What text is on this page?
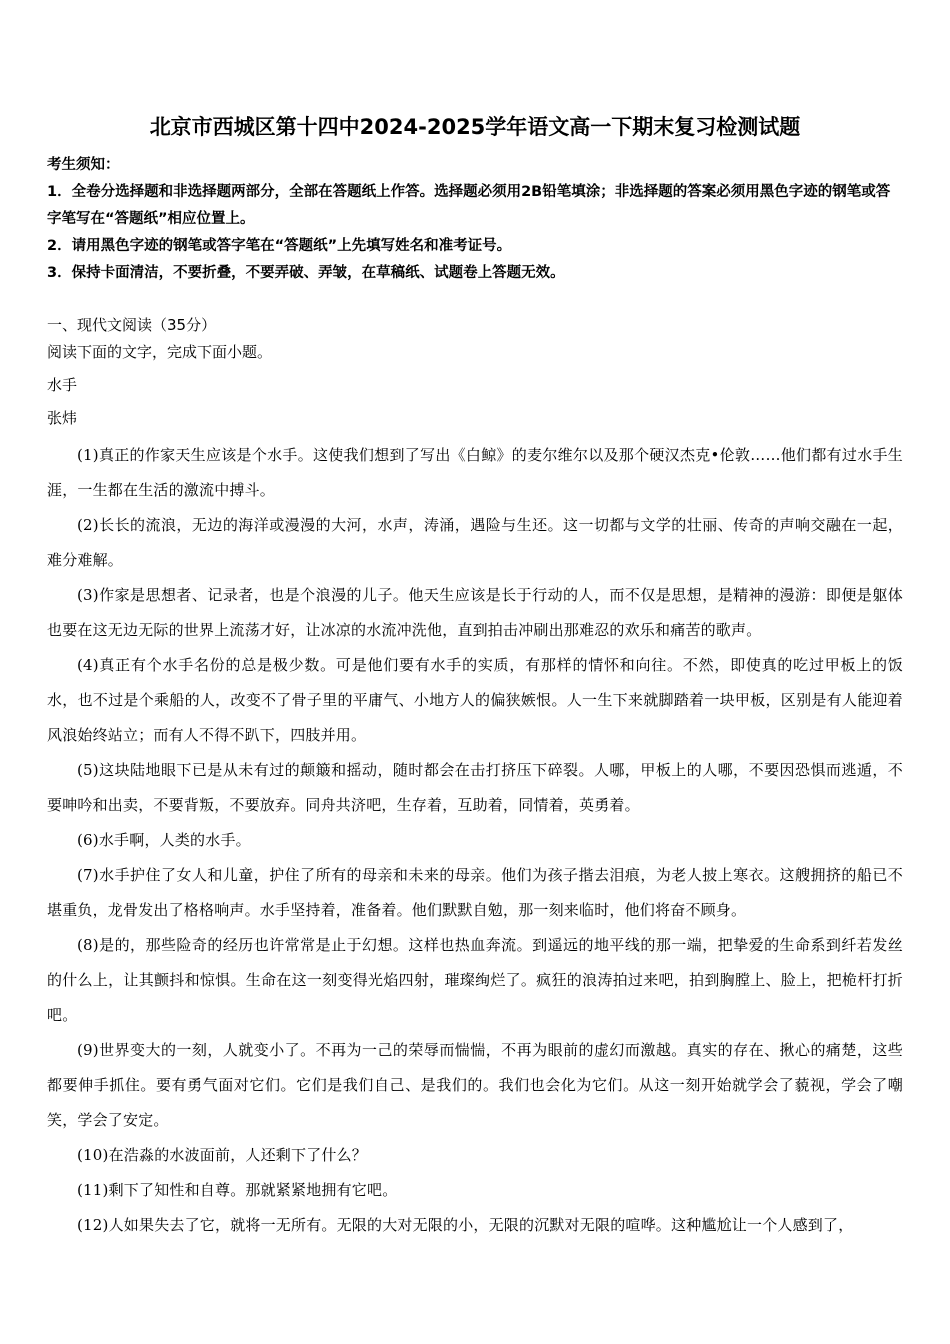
北京市西城区第十四中2024-2025学年语文高一下期末复习检测试题

考生须知：

1．全卷分选择题和非选择题两部分，全部在答题纸上作答。选择题必须用2B铅笔填涂；非选择题的答案必须用黑色字迹的钢笔或答字笔写在“答题纸”相应位置上。

2．请用黑色字迹的钢笔或答字笔在“答题纸”上先填写姓名和准考证号。

3．保持卡面清洁，不要折叠，不要弄破、弄皱，在草稿纸、试题卷上答题无效。

一、现代文阅读（35分）

阅读下面的文字，完成下面小题。

水手

张炜

(1)真正的作家天生应该是个水手。这使我们想到了写出《白鲸》的麦尔维尔以及那个硬汉杰克•伦敦……他们都有过水手生涯，一生都在生活的激流中搏斗。

(2)长长的流浪，无边的海洋或漫漫的大河，水声，涛涌，遇险与生还。这一切都与文学的壮丽、传奇的声响交融在一起，难分难解。

(3)作家是思想者、记录者，也是个浪漫的儿子。他天生应该是长于行动的人，而不仅是思想，是精神的漫游：即便是躯体也要在这无边无际的世界上流荡才好，让冰凉的水流冲洗他，直到拍击冲刷出那难忍的欢乐和痛苦的歌声。

(4)真正有个水手名份的总是极少数。可是他们要有水手的实质，有那样的情怀和向往。不然，即使真的吃过甲板上的饭水，也不过是个乘船的人，改变不了骨子里的平庸气、小地方人的偏狭嫉恨。人一生下来就脚踏着一块甲板，区别是有人能迎着风浪始终站立；而有人不得不趴下，四肢并用。

(5)这块陆地眼下已是从未有过的颠簸和摇动，随时都会在击打挤压下碎裂。人哪，甲板上的人哪，不要因恐惧而逃遁，不要呻吟和出卖，不要背叛，不要放弃。同舟共济吧，生存着，互助着，同情着，英勇着。

(6)水手啊，人类的水手。

(7)水手护住了女人和儿童，护住了所有的母亲和未来的母亲。他们为孩子揩去泪痕，为老人披上寒衣。这艘拥挤的船已不堪重负，龙骨发出了格格响声。水手坚持着，准备着。他们默默自勉，那一刻来临时，他们将奋不顾身。

(8)是的，那些险奇的经历也许常常是止于幻想。这样也热血奔流。到遥远的地平线的那一端，把挚爱的生命系到纤若发丝的什么上，让其颤抖和惊惧。生命在这一刻变得光焰四射，璀璨绚烂了。疯狂的浪涛拍过来吧，拍到胸膛上、脸上，把桅杆打折吧。

(9)世界变大的一刻，人就变小了。不再为一己的荣辱而惴惴，不再为眼前的虚幻而激越。真实的存在、揪心的痛楚，这些都要伸手抓住。要有勇气面对它们。它们是我们自己、是我们的。我们也会化为它们。从这一刻开始就学会了藐视，学会了嘲笑，学会了安定。

(10)在浩淼的水波面前，人还剩下了什么？

(11)剩下了知性和自尊。那就紧紧地拥有它吧。

(12)人如果失去了它，就将一无所有。无限的大对无限的小，无限的沉默对无限的喧哗。这种尴尬让一个人感到了，
